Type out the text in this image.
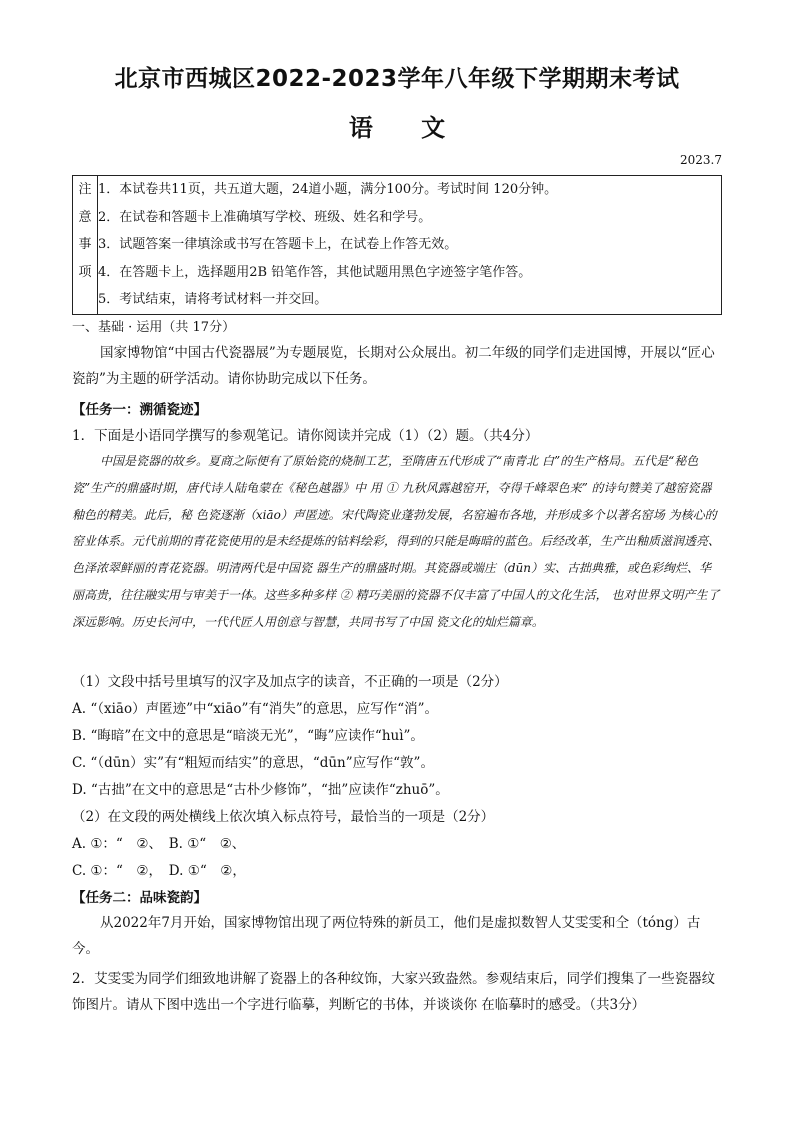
北京市西城区2022-2023学年八年级下学期期末考试
语 文
2023.7
注
意
事
项

1．本试卷共11页，共五道大题，24道小题，满分100分。考试时间 120分钟。
2．在试卷和答题卡上准确填写学校、班级、姓名和学号。
3．试题答案一律填涂或书写在答题卡上，在试卷上作答无效。
4．在答题卡上，选择题用2B 铅笔作答，其他试题用黑色字迹签字笔作答。
5．考试结束，请将考试材料一并交回。
一、基础 · 运用（共 17分）
国家博物馆“中国古代瓷器展”为专题展览，长期对公众展出。初二年级的同学们走进国博，开展以“匠心瓷韵”为主题的研学活动。请你协助完成以下任务。
【任务一：溯循瓷迹】
1．下面是小语同学撰写的参观笔记。请你阅读并完成（1）（2）题。（共4分）
中国是瓷器的故乡。夏商之际便有了原始瓷的烧制工艺，至隋唐五代形成了“南青北 白”的生产格局。五代是“秘色瓷”生产的鼎盛时期，唐代诗人陆龟蒙在《秘色越器》中 用 ① 九秋风露越窑开，夺得千峰翠色来” 的诗句赞美了越窑瓷器釉色的精美。此后，秘 色瓷逐渐（xiāo）声匿迹。宋代陶瓷业蓬勃发展，名窑遍布各地，并形成多个以著名窑场 为核心的窑业体系。元代前期的青花瓷使用的是未经提炼的钴料绘彩，得到的只能是晦暗的蓝色。后经改革，生产出釉质滋润透亮、色泽浓翠鲜丽的青花瓷器。明清两代是中国瓷 器生产的鼎盛时期。其瓷器或端庄（dūn）实、古拙典雅，或色彩绚烂、华丽高贵，往往融实用与审美于一体。这些多种多样 ② 精巧美丽的瓷器不仅丰富了中国人的文化生活， 也对世界文明产生了深远影响。历史长河中，一代代匠人用创意与智慧，共同书写了中国 瓷文化的灿烂篇章。
（1）文段中括号里填写的汉字及加点字的读音，不正确的一项是（2分）
A. “（xiāo）声匿迹”中“xiāo”有“消失”的意思，应写作“消”。
B. “晦暗”在文中的意思是“暗淡无光”，“晦”应读作“huì”。
C. “（dūn）实”有“粗短而结实”的意思，“dūn”应写作“敦”。
D. “古拙”在文中的意思是“古朴少修饰”，“拙”应读作“zhuō”。
（2）在文段的两处横线上依次填入标点符号，最恰当的一项是（2分）
A. ①：“　②、　B. ①“　②、
C. ①：“　②，　D. ①“　②，
【任务二：品味瓷韵】
从2022年7月开始，国家博物馆出现了两位特殊的新员工，他们是虚拟数智人艾雯雯和仝（tóng）古今。
2．艾雯雯为同学们细致地讲解了瓷器上的各种纹饰，大家兴致盎然。参观结束后，同学们搜集了一些瓷器纹饰图片。请从下图中选出一个字进行临摹，判断它的书体，并谈谈你 在临摹时的感受。（共3分）
